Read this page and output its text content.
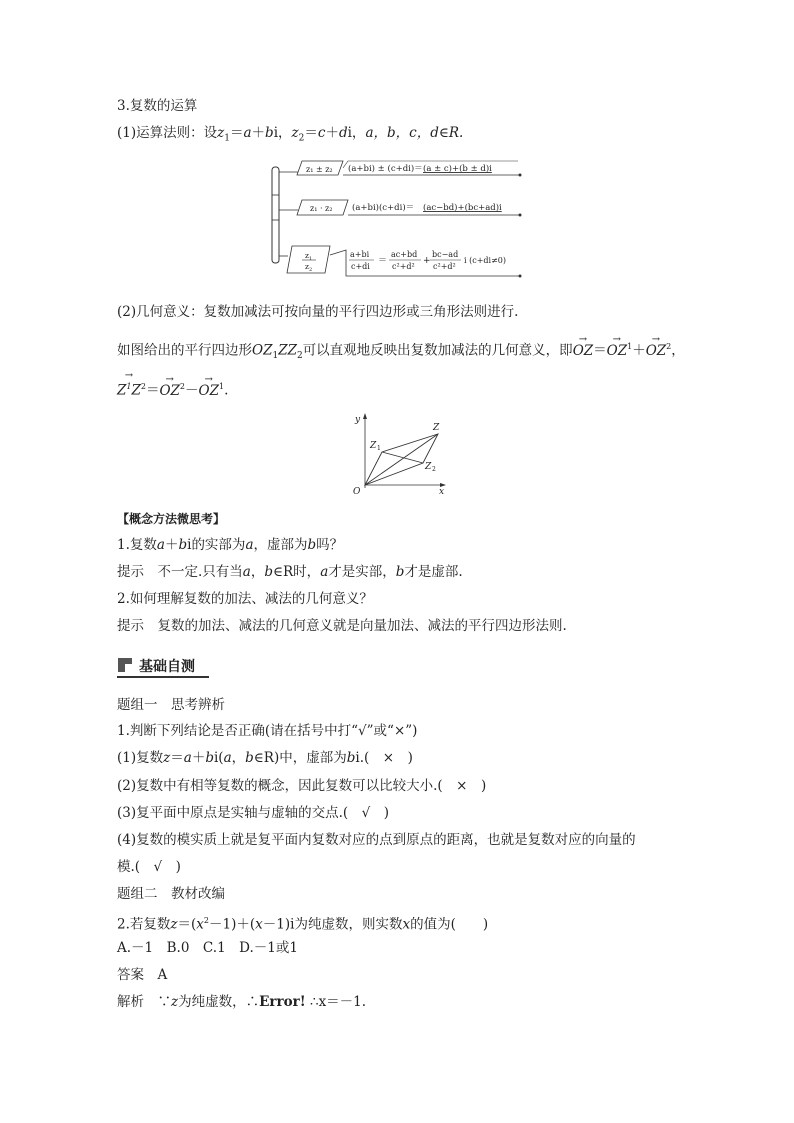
3.复数的运算
(1)运算法则：设$z_1=a+bi$，$z_2=c+di$，a，b，c，d∈R.
z₁ ± z₂ (a+bi) ± (c+di)＝ (a ± c)+(b ± d)i
z₁ · z₂ (a+bi)(c+di)＝ (ac−bd)+(bc+ad)i
$z_1$
$z_2$
a+bi
c+di
＝
ac+bd
c²+d²
+
bc−ad
c²+d²
i (c+di≠0)
(2)几何意义：复数加减法可按向量的平行四边形或三角形法则进行.
如图给出的平行四边形$OZ_1ZZ_2$可以直观地反映出复数加减法的几何意义，即→ $OZ=\to OZ^1+\to OZ^2$，
→ $Z^1Z^2=\to OZ^2-\to OZ^1$.
y
x
O
Z 1
Z
Z 2
【概念方法微思考】
1.复数a＋bi的实部为a，虚部为b吗？
提示　 不一定.只有当a，b∈R时，a才是实部，b才是虚部.
2.如何理解复数的加法、减法的几何意义？
提示　 复数的加法、减法的几何意义就是向量加法、减法的平行四边形法则.
基础自测
题组一　思考辨析
1.判断下列结论是否正确(请在括号中打“√”或“×”)
(1)复数z＝a＋bi(a，b∈R)中，虚部为bi.(　×　)
(2)复数中有相等复数的概念，因此复数可以比较大小.(　×　)
(3)复平面中原点是实轴与虚轴的交点.(　√　)
(4)复数的模实质上就是复平面内复数对应的点到原点的距离，也就是复数对应的向量的
模.(　√　)
题组二　教材改编
2.若复数$z=(x^2-1)+(x-1)i$为纯虚数，则实数x的值为(　　)
A.－1　B.0　C.1　D.－1或1
答案　 A
解析　 ∵z为纯虚数，∴Error! ∴x＝－1.
